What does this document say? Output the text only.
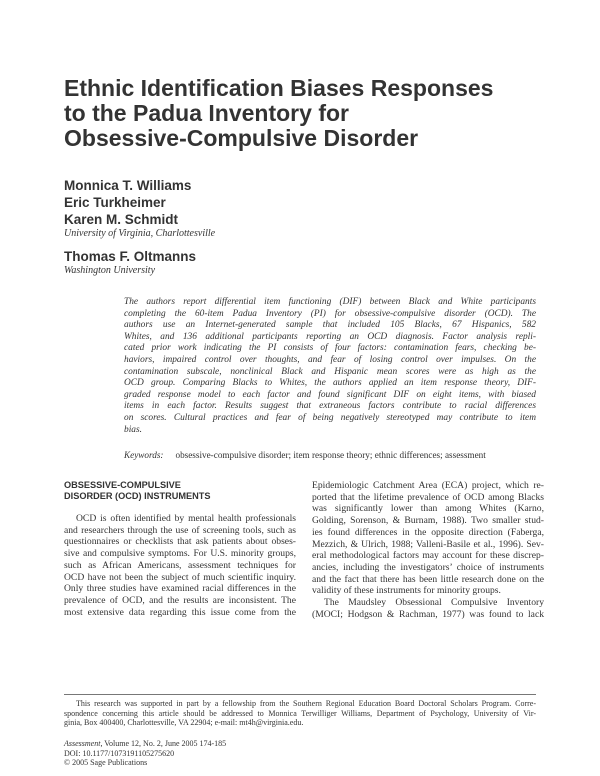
Ethnic Identification Biases Responses
to the Padua Inventory for
Obsessive-Compulsive Disorder
Monnica T. Williams
Eric Turkheimer
Karen M. Schmidt
University of Virginia, Charlottesville
Thomas F. Oltmanns
Washington University
The authors report differential item functioning (DIF) between Black and White participants
completing the 60-item Padua Inventory (PI) for obsessive-compulsive disorder (OCD). The
authors use an Internet-generated sample that included 105 Blacks, 67 Hispanics, 582
Whites, and 136 additional participants reporting an OCD diagnosis. Factor analysis repli-
cated prior work indicating the PI consists of four factors: contamination fears, checking be-
haviors, impaired control over thoughts, and fear of losing control over impulses. On the
contamination subscale, nonclinical Black and Hispanic mean scores were as high as the
OCD group. Comparing Blacks to Whites, the authors applied an item response theory, DIF-
graded response model to each factor and found significant DIF on eight items, with biased
items in each factor. Results suggest that extraneous factors contribute to racial differences
on scores. Cultural practices and fear of being negatively stereotyped may contribute to item
bias.
Keywords: obsessive-compulsive disorder; item response theory; ethnic differences; assessment
OBSESSIVE-COMPULSIVE
DISORDER (OCD) INSTRUMENTS
OCD is often identified by mental health professionals
and researchers through the use of screening tools, such as
questionnaires or checklists that ask patients about obses-
sive and compulsive symptoms. For U.S. minority groups,
such as African Americans, assessment techniques for
OCD have not been the subject of much scientific inquiry.
Only three studies have examined racial differences in the
prevalence of OCD, and the results are inconsistent. The
most extensive data regarding this issue come from the
Epidemiologic Catchment Area (ECA) project, which re-
ported that the lifetime prevalence of OCD among Blacks
was significantly lower than among Whites (Karno,
Golding, Sorenson, & Burnam, 1988). Two smaller stud-
ies found differences in the opposite direction (Faberga,
Mezzich, & Ulrich, 1988; Valleni-Basile et al., 1996). Sev-
eral methodological factors may account for these discrep-
ancies, including the investigators’ choice of instruments
and the fact that there has been little research done on the
validity of these instruments for minority groups.
The Maudsley Obsessional Compulsive Inventory
(MOCI; Hodgson & Rachman, 1977) was found to lack
This research was supported in part by a fellowship from the Southern Regional Education Board Doctoral Scholars Program. Corre-
spondence concerning this article should be addressed to Monnica Terwilliger Williams, Department of Psychology, University of Vir-
ginia, Box 400400, Charlottesville, VA 22904; e-mail: mt4h@virginia.edu.
Assessment, Volume 12, No. 2, June 2005 174-185
DOI: 10.1177/1073191105275620
© 2005 Sage Publications
